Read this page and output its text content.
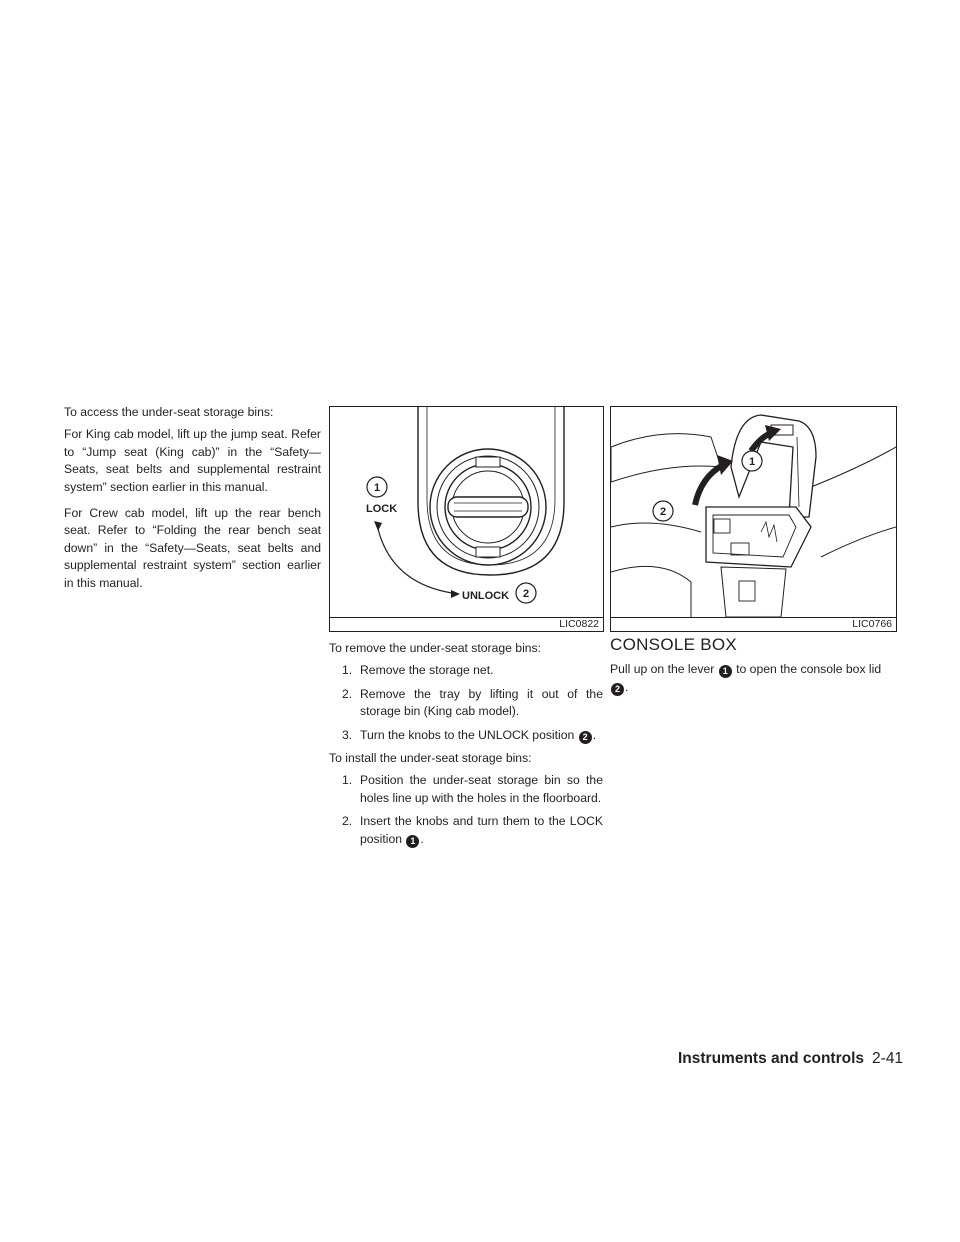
To access the under-seat storage bins:

For King cab model, lift up the jump seat. Refer to “Jump seat (King cab)” in the “Safety—Seats, seat belts and supplemental restraint system” section earlier in this manual.

For Crew cab model, lift up the rear bench seat. Refer to “Folding the rear bench seat down” in the “Safety—Seats, seat belts and supplemental restraint system” section earlier in this manual.

1
LOCK
UNLOCK 2
LIC0822
1
2
LIC0766

To remove the under-seat storage bins:

1. Remove the storage net.
2. Remove the tray by lifting it out of the storage bin (King cab model).
3. Turn the knobs to the UNLOCK position 2 .

To install the under-seat storage bins:

1. Position the under-seat storage bin so the holes line up with the holes in the floorboard.
2. Insert the knobs and turn them to the LOCK position 1 .
CONSOLE BOX

Pull up on the lever 1 to open the console box lid 2 .

Instruments and controls 2-41
